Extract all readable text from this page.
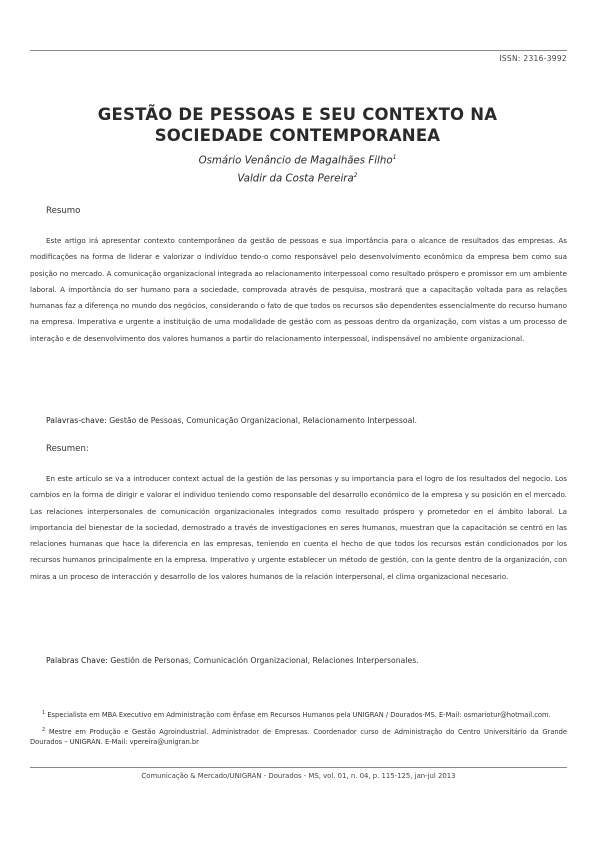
ISSN: 2316-3992
GESTÃO DE PESSOAS E SEU CONTEXTO NA
SOCIEDADE CONTEMPORANEA
Osmário Venâncio de Magalhães Filho$^1$
Valdir da Costa Pereira$^2$
Resumo
Este artigo irá apresentar contexto contemporâneo da gestão de pessoas e sua importância para o alcance de resultados das empresas. As modificações na forma de liderar e valorizar o indivíduo tendo-o como responsável pelo desenvolvimento econômico da empresa bem como sua posição no mercado. A comunicação organizacional integrada ao relacionamento interpessoal como resultado próspero e promissor em um ambiente laboral. A importância do ser humano para a sociedade, comprovada através de pesquisa, mostrará que a capacitação voltada para as relações humanas faz a diferença no mundo dos negócios, considerando o fato de que todos os recursos são dependentes essencialmente do recurso humano na empresa. Imperativa e urgente a instituição de uma modalidade de gestão com as pessoas dentro da organização, com vistas a um processo de interação e de desenvolvimento dos valores humanos a partir do relacionamento interpessoal, indispensável no ambiente organizacional.
Palavras-chave: Gestão de Pessoas, Comunicação Organizacional, Relacionamento Interpessoal.
Resumen:
En este artículo se va a introducer context actual de la gestión de las personas y su importancia para el logro de los resultados del negocio. Los cambios en la forma de dirigir e valorar el individuo teniendo como responsable del desarrollo económico de la empresa y su posición en el mercado. Las relaciones interpersonales de comunicación organizacionales integrados como resultado próspero y prometedor en el ámbito laboral. La importancia del bienestar de la sociedad, demostrado a través de investigaciones en seres humanos, muestran que la capacitación se centró en las relaciones humanas que hace la diferencia en las empresas, teniendo en cuenta el hecho de que todos los recursos están condicionados por los recursos humanos principalmente en la empresa. Imperativo y urgente establecer un método de gestión, con la gente dentro de la organización, con miras a un proceso de interacción y desarrollo de los valores humanos de la relación interpersonal, el clima organizacional necesario.
Palabras Chave: Gestión de Personas, Comunicación Organizacional, Relaciones Interpersonales.
$^1$ Especialista em MBA Executivo em Administração com ênfase em Recursos Humanos pela UNIGRAN / Dourados-MS. E-Mail: osmariotur@hotmail.com.
$^2$ Mestre em Produção e Gestão Agroindustrial. Administrador de Empresas. Coordenador curso de Administração do Centro Universitário da Grande Dourados – UNIGRAN. E-Mail: vpereira@unigran.br
Comunicação & Mercado/UNIGRAN - Dourados - MS, vol. 01, n. 04, p. 115-125, jan-jul 2013
